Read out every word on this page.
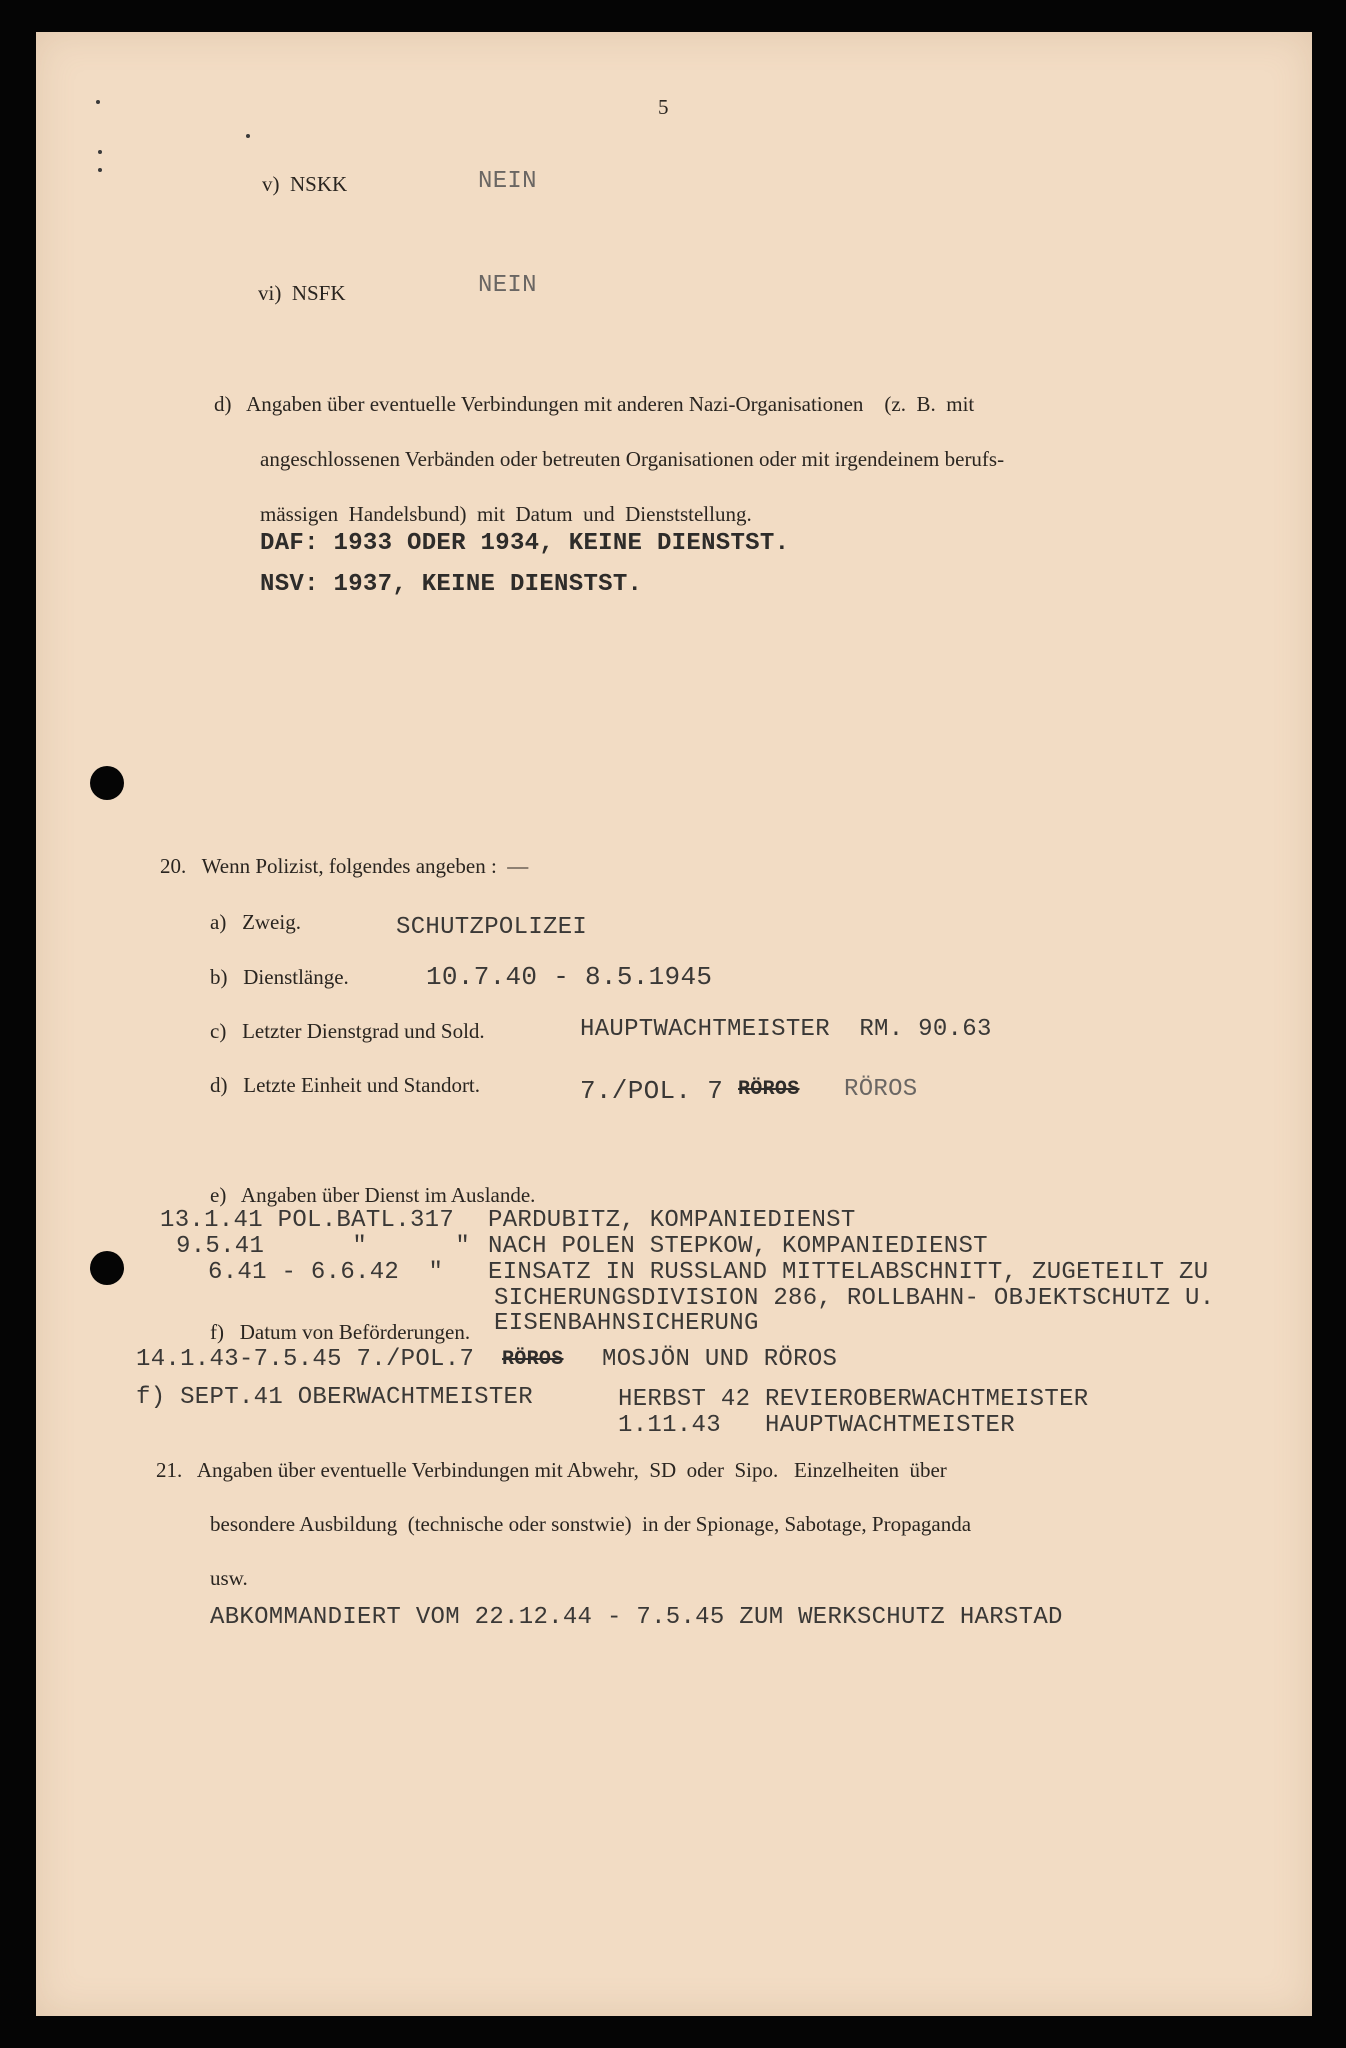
5
v)  NSKK	NEIN
vi)  NSFK	NEIN
d)   Angaben über eventuelle Verbindungen mit anderen Nazi-Organisationen    (z.  B.  mit
angeschlossenen Verbänden oder betreuten Organisationen oder mit irgendeinem berufs-
mässigen  Handelsbund)  mit  Datum  und  Dienststellung.
DAF: 1933 ODER 1934, KEINE DIENSTST.
NSV: 1937, KEINE DIENSTST.
20.   Wenn Polizist, folgendes angeben :  —
a)   Zweig.	SCHUTZPOLIZEI
b)   Dienstlänge.	10.7.40 - 8.5.1945
c)   Letzter Dienstgrad und Sold.	HAUPTWACHTMEISTER  RM. 90.63
d)   Letzte Einheit und Standort.	7./POL. 7 RÖROS RÖROS
e)   Angaben über Dienst im Auslande.
13.1.41 POL.BATL.317 PARDUBITZ, KOMPANIEDIENST
9.5.41      "      " NACH POLEN STEPKOW, KOMPANIEDIENST
6.41 - 6.6.42  " EINSATZ IN RUSSLAND MITTELABSCHNITT, ZUGETEILT ZU
SICHERUNGSDIVISION 286, ROLLBAHN- OBJEKTSCHUTZ U.
EISENBAHNSICHERUNG
f)   Datum von Beförderungen.
14.1.43-7.5.45 7./POL.7 RÖROS MOSJÖN UND RÖROS
f) SEPT.41 OBERWACHTMEISTER	HERBST 42 REVIEROBERWACHTMEISTER
1.11.43   HAUPTWACHTMEISTER
21.   Angaben über eventuelle Verbindungen mit Abwehr,  SD  oder  Sipo.   Einzelheiten  über
besondere Ausbildung  (technische oder sonstwie)  in der Spionage, Sabotage, Propaganda
usw.
ABKOMMANDIERT VOM 22.12.44 - 7.5.45 ZUM WERKSCHUTZ HARSTAD
